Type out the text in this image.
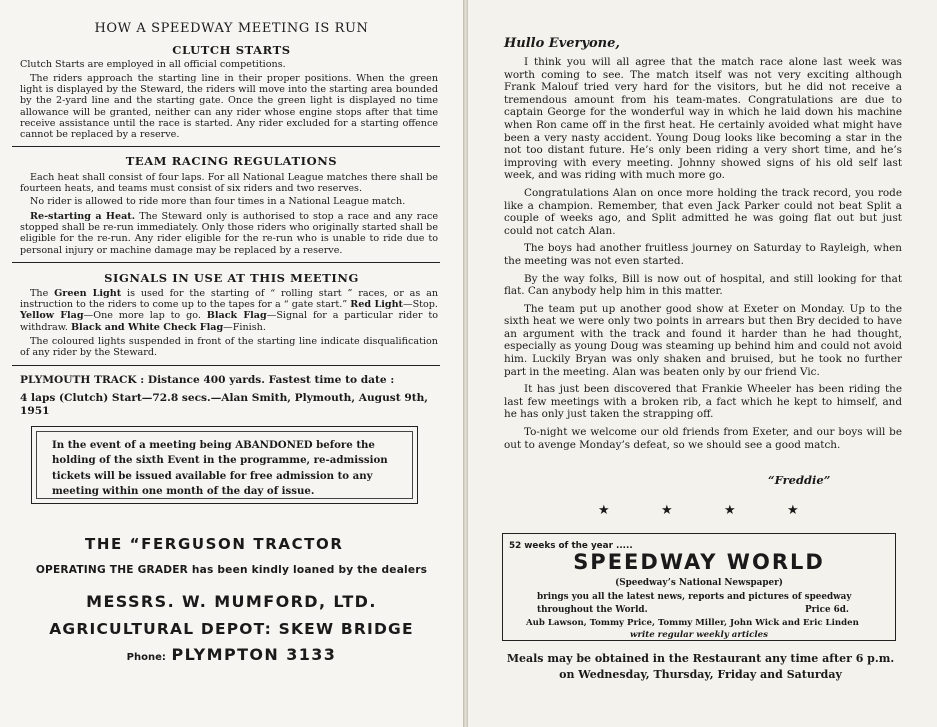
HOW A SPEEDWAY MEETING IS RUN
CLUTCH STARTS

Clutch Starts are employed in all official competitions.

The riders approach the starting line in their proper positions. When the green light is displayed by the Steward, the riders will move into the starting area bounded by the 2-yard line and the starting gate. Once the green light is displayed no time allowance will be granted, neither can any rider whose engine stops after that time receive assistance until the race is started. Any rider excluded for a starting offence cannot be replaced by a reserve.

TEAM RACING REGULATIONS

Each heat shall consist of four laps. For all National League matches there shall be fourteen heats, and teams must consist of six riders and two reserves.

No rider is allowed to ride more than four times in a National League match.

Re-starting a Heat. The Steward only is authorised to stop a race and any race stopped shall be re-run immediately. Only those riders who originally started shall be eligible for the re-run. Any rider eligible for the re-run who is unable to ride due to personal injury or machine damage may be replaced by a reserve.

SIGNALS IN USE AT THIS MEETING

The Green Light is used for the starting of “ rolling start ” races, or as an instruction to the riders to come up to the tapes for a “ gate start.” Red Light—Stop. Yellow Flag—One more lap to go. Black Flag—Signal for a particular rider to withdraw. Black and White Check Flag—Finish.

The coloured lights suspended in front of the starting line indicate disqualification of any rider by the Steward.

PLYMOUTH TRACK : Distance 400 yards. Fastest time to date :
4 laps (Clutch) Start—72.8 secs.—Alan Smith, Plymouth, August 9th, 1951

In the event of a meeting being ABANDONED before the holding of the sixth Event in the programme, re-admission tickets will be issued available for free admission to any meeting within one month of the day of issue.

THE “FERGUSON TRACTOR
OPERATING THE GRADER has been kindly loaned by the dealers
MESSRS. W. MUMFORD, LTD.
AGRICULTURAL DEPOT: SKEW BRIDGE
Phone: PLYMPTON 3133
Hullo Everyone,

I think you will all agree that the match race alone last week was worth coming to see. The match itself was not very exciting although Frank Malouf tried very hard for the visitors, but he did not receive a tremendous amount from his team-mates. Congratulations are due to captain George for the wonderful way in which he laid down his machine when Ron came off in the first heat. He certainly avoided what might have been a very nasty accident. Young Doug looks like becoming a star in the not too distant future. He’s only been riding a very short time, and he’s improving with every meeting. Johnny showed signs of his old self last week, and was riding with much more go.

Congratulations Alan on once more holding the track record, you rode like a champion. Remember, that even Jack Parker could not beat Split a couple of weeks ago, and Split admitted he was going flat out but just could not catch Alan.

The boys had another fruitless journey on Saturday to Rayleigh, when the meeting was not even started.

By the way folks, Bill is now out of hospital, and still looking for that flat. Can anybody help him in this matter.

The team put up another good show at Exeter on Monday. Up to the sixth heat we were only two points in arrears but then Bry decided to have an argument with the track and found it harder than he had thought, especially as young Doug was steaming up behind him and could not avoid him. Luckily Bryan was only shaken and bruised, but he took no further part in the meeting. Alan was beaten only by our friend Vic.

It has just been discovered that Frankie Wheeler has been riding the last few meetings with a broken rib, a fact which he kept to himself, and he has only just taken the strapping off.

To-night we welcome our old friends from Exeter, and our boys will be out to avenge Monday’s defeat, so we should see a good match.

“Freddie”
★	★	★	★
52 weeks of the year .....
SPEEDWAY WORLD
(Speedway’s National Newspaper)
brings you all the latest news, reports and pictures of speedway
throughout the World.	Price 6d.
Aub Lawson, Tommy Price, Tommy Miller, John Wick and Eric Linden
write regular weekly articles
Meals may be obtained in the Restaurant any time after 6 p.m.
on Wednesday, Thursday, Friday and Saturday
